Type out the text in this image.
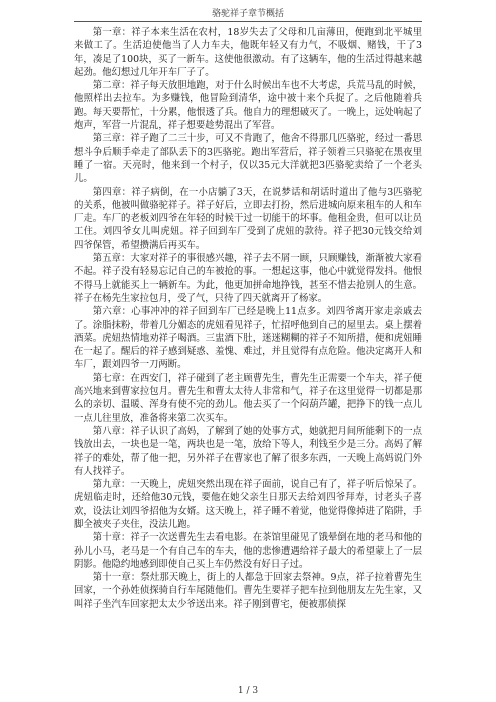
骆驼祥子章节概括

第一章：祥子本来生活在农村，18岁失去了父母和几亩薄田，便跑到北平城里来做工了。生活迫使他当了人力车夫，他既年轻又有力气，不吸烟、赌钱，干了3年，凑足了100块，买了一新车。这使他很激动。有了这辆车，他的生活过得越来越起劲。他幻想过几年开车厂子了。

第二章：祥子每天放胆地跑，对于什么时候出车也不大考虑，兵荒马乱的时候，他照样出去拉车。为多赚钱，他冒险到清华，途中被十来个兵捉了。之后他随着兵跑。每天要帮忙，十分累，他恨透了兵。他自力的理想破灭了。一晚上，远处响起了炮声，军营一片混乱，祥子想要趁势混出了军营。

第三章：祥子跑了二三十步，可又不肯跑了，他舍不得那几匹骆驼，经过一番思想斗争后顺手牵走了部队丢下的3匹骆驼。跑出军营后，祥子领着三只骆驼在黑夜里睡了一宿。天亮时，他来到一个村子，仅以35元大洋就把3匹骆驼卖给了一个老头儿。

第四章：祥子病倒，在一小店躺了3天，在说梦话和胡话时道出了他与3匹骆驼的关系，他被叫做骆驼祥子。祥子好后，立即去打扮，然后进城向原来租车的人和车厂走。车厂的老板刘四爷在年轻的时候干过一切能干的坏事。他租金贵，但可以让员工住。刘四爷女儿叫虎妞。祥子回到车厂受到了虎妞的款待。祥子把30元钱交给刘四爷保管，希望攒满后再买车。

第五章：大家对祥子的事很感兴趣，祥子去不屑一顾，只顾赚钱，渐渐被大家看不起。祥子没有轻易忘记自己的车被抢的事。一想起这事，他心中就觉得发抖。他恨不得马上就能买上一辆新车。为此，他更加拼命地挣钱，甚至不惜去抢别人的生意。祥子在杨先生家拉包月，受了气，只待了四天就离开了杨家。

第六章：心事冲冲的祥子回到车厂已经是晚上11点多。刘四爷离开家走亲戚去了。涂脂抹粉，带着几分媚态的虎妞看见祥子，忙招呼他到自己的屋里去。桌上摆着酒菜。虎妞热情地劝祥子喝酒。三盅酒下肚，迷迷糊糊的祥子不知所措，便和虎妞睡在一起了。醒后的祥子感到疑惑、羞愧、难过，并且觉得有点危险。他决定离开人和车厂，跟刘四爷一刀两断。

第七章：在西安门，祥子碰到了老主顾曹先生，曹先生正需要一个车夫，祥子便高兴地来到曹家拉包月。曹先生和曹太太待人非常和气，祥子在这里觉得一切都是那么的亲切、温暖、浑身有使不完的劲儿。他去买了一个闷葫芦罐，把挣下的钱一点儿一点儿往里放，准备将来第二次买车。

第八章：祥子认识了高妈，了解到了她的处事方式，她就把月间所能剩下的一点钱放出去，一块也是一笔，两块也是一笔，放给下等人，利钱至少是三分。高妈了解祥子的难处，帮了他一把，另外祥子在曹家也了解了很多东西，一天晚上高妈说门外有人找祥子。

第九章：一天晚上，虎妞突然出现在祥子面前，说自己有了，祥子听后惊呆了。虎妞临走时，还给他30元钱，要他在她父亲生日那天去给刘四爷拜寿，讨老头子喜欢，设法让刘四爷招他为女婿。这天晚上，祥子睡不着觉，他觉得像掉进了陷阱，手脚全被夹子夹住，没法儿跑。

第十章：祥子一次送曹先生去看电影。在茶馆里碰见了饿晕倒在地的老马和他的孙儿小马，老马是一个有自己车的车夫，他的悲惨遭遇给祥子最大的希望蒙上了一层阴影。他隐约地感到即使自己买上车仍然没有好日子过。

第十一章：祭灶那天晚上，街上的人都急于回家去祭神。9点，祥子拉着曹先生回家，一个孙姓侦探骑自行车尾随他们。曹先生要祥子把车拉到他朋友左先生家，又叫祥子坐汽车回家把太太少爷送出来。祥子刚到曹宅，便被那侦探

1 / 3
